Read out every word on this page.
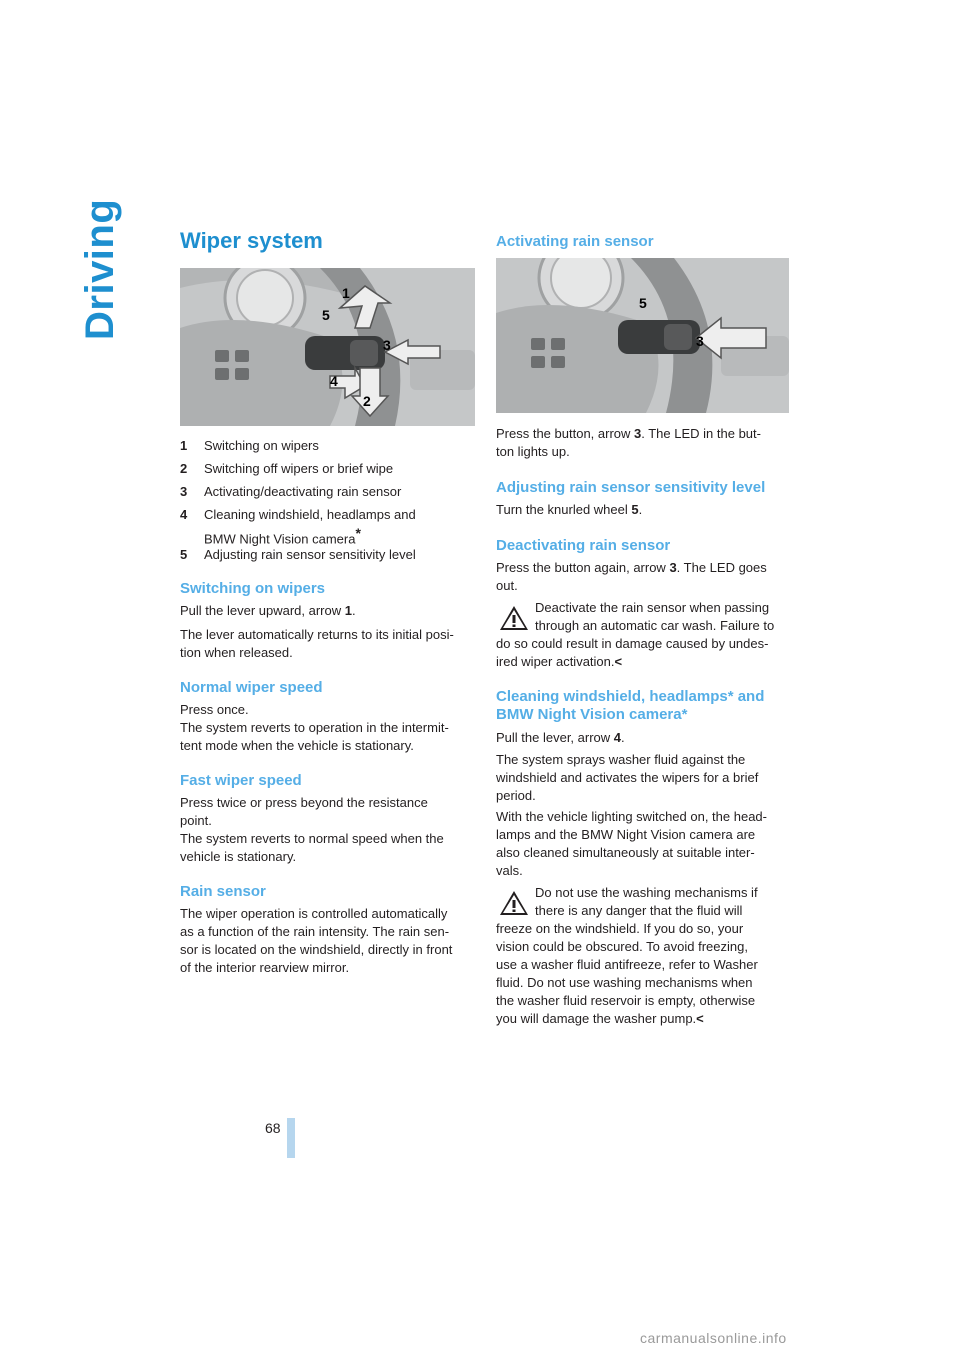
Driving	Wiper system
1
2
3
4
5
1 Switching on wipers
2 Switching off wipers or brief wipe
3 Activating/deactivating rain sensor
4 Cleaning windshield, headlamps and
BMW Night Vision camera*
5 Adjusting rain sensor sensitivity level
Switching on wipers
Pull the lever upward, arrow 1.
The lever automatically returns to its initial posi-
tion when released.
Normal wiper speed
Press once.
The system reverts to operation in the intermit-
tent mode when the vehicle is stationary.
Fast wiper speed
Press twice or press beyond the resistance
point.
The system reverts to normal speed when the
vehicle is stationary.
Rain sensor
The wiper operation is controlled automatically
as a function of the rain intensity. The rain sen-
sor is located on the windshield, directly in front
of the interior rearview mirror.
Activating rain sensor
5
3
Press the button, arrow 3. The LED in the but-
ton lights up.
Adjusting rain sensor sensitivity level
Turn the knurled wheel 5.
Deactivating rain sensor
Press the button again, arrow 3. The LED goes
out.
Deactivate the rain sensor when passing
through an automatic car wash. Failure to
do so could result in damage caused by undes-
ired wiper activation.<
Cleaning windshield, headlamps* and
BMW Night Vision camera*
Pull the lever, arrow 4.
The system sprays washer fluid against the
windshield and activates the wipers for a brief
period.
With the vehicle lighting switched on, the head-
lamps and the BMW Night Vision camera are
also cleaned simultaneously at suitable inter-
vals.
Do not use the washing mechanisms if
there is any danger that the fluid will
freeze on the windshield. If you do so, your
vision could be obscured. To avoid freezing,
use a washer fluid antifreeze, refer to Washer
fluid. Do not use washing mechanisms when
the washer fluid reservoir is empty, otherwise
you will damage the washer pump.<
68
carmanualsonline.info
